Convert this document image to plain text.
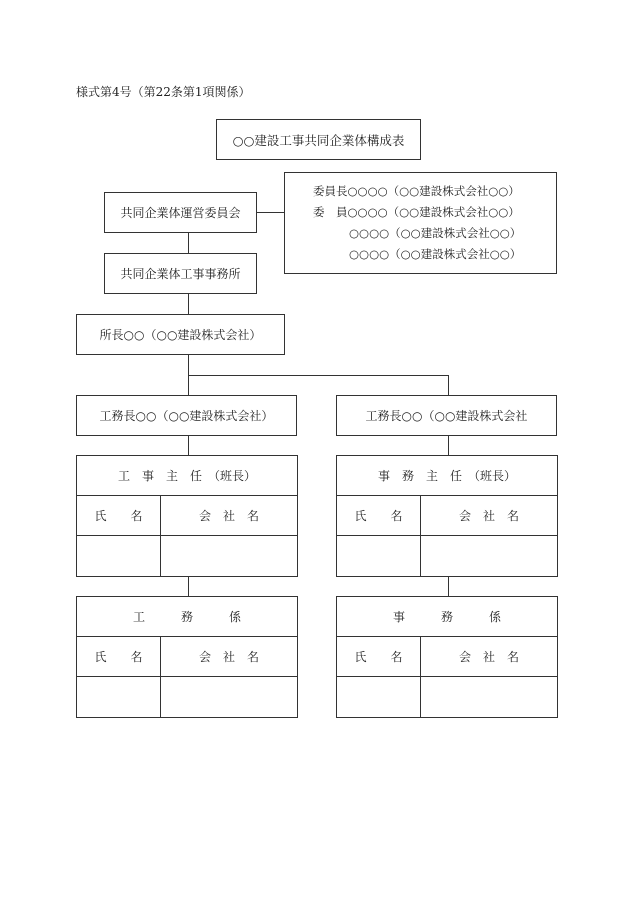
様式第4号（第22条第1項関係）
○○建設工事共同企業体構成表
共同企業体運営委員会
委員長○○○○（○○建設株式会社○○）
委　員○○○○（○○建設株式会社○○）
○○○○（○○建設株式会社○○）
○○○○（○○建設株式会社○○）
共同企業体工事事務所
所長○○（○○建設株式会社）
工務長○○（○○建設株式会社）	工務長○○（○○建設株式会社
工　事　主　任　（班長）	
氏　　名	会　社　名

事　務　主　任　（班長）	
氏　　名	会　社　名

工　　　務　　　係	
氏　　名	会　社　名

事　　　務　　　係	
氏　　名	会　社　名
